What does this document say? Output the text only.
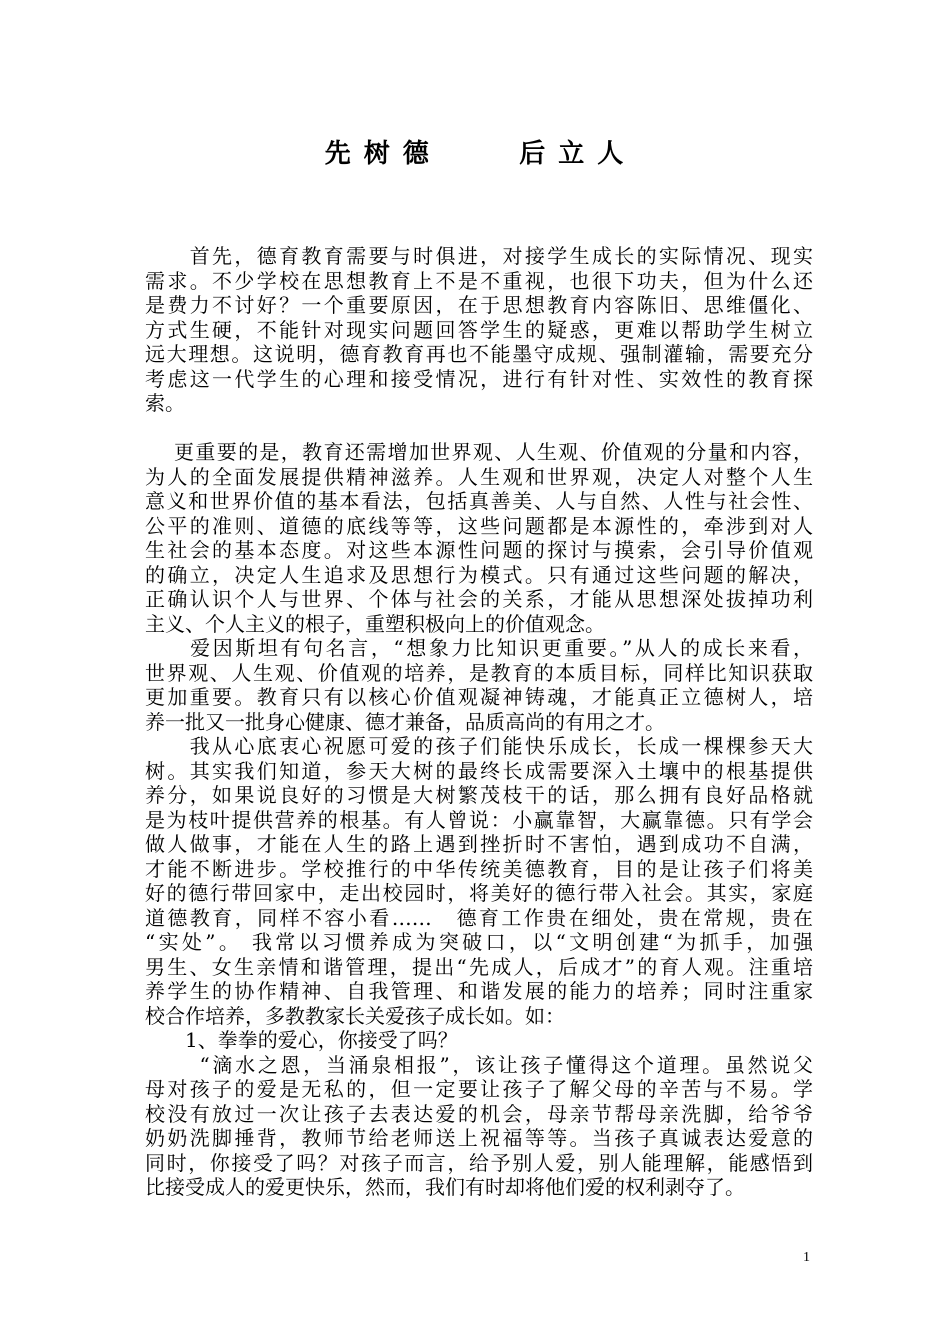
先 树 德        后 立 人
　　首先，德育教育需要与时俱进，对接学生成长的实际情况、现实
需求。不少学校在思想教育上不是不重视，也很下功夫，但为什么还
是费力不讨好？一个重要原因，在于思想教育内容陈旧、思维僵化、
方式生硬，不能针对现实问题回答学生的疑惑，更难以帮助学生树立
远大理想。这说明，德育教育再也不能墨守成规、强制灌输，需要充分
考虑这一代学生的心理和接受情况，进行有针对性、实效性的教育探
索。
　 更重要的是，教育还需增加世界观、人生观、价值观的分量和内容，
为人的全面发展提供精神滋养。人生观和世界观，决定人对整个人生
意义和世界价值的基本看法，包括真善美、人与自然、人性与社会性、
公平的准则、道德的底线等等，这些问题都是本源性的，牵涉到对人
生社会的基本态度。对这些本源性问题的探讨与摸索，会引导价值观
的确立，决定人生追求及思想行为模式。只有通过这些问题的解决，
正确认识个人与世界、个体与社会的关系，才能从思想深处拔掉功利
主义、个人主义的根子，重塑积极向上的价值观念。
　　爱因斯坦有句名言，“想象力比知识更重要。”从人的成长来看，
世界观、人生观、价值观的培养，是教育的本质目标，同样比知识获取
更加重要。教育只有以核心价值观凝神铸魂，才能真正立德树人，培
养一批又一批身心健康、德才兼备，品质高尚的有用之才。
　　我从心底衷心祝愿可爱的孩子们能快乐成长，长成一棵棵参天大
树。其实我们知道，参天大树的最终长成需要深入土壤中的根基提供
养分，如果说良好的习惯是大树繁茂枝干的话，那么拥有良好品格就
是为枝叶提供营养的根基。有人曾说：小赢靠智，大赢靠德。只有学会
做人做事，才能在人生的路上遇到挫折时不害怕，遇到成功不自满，
才能不断进步。学校推行的中华传统美德教育，目的是让孩子们将美
好的德行带回家中，走出校园时，将美好的德行带入社会。其实，家庭
道德教育，同样不容小看……　德育工作贵在细处，贵在常规，贵在
“实处”。 我常以习惯养成为突破口，以“文明创建“为抓手，加强
男生、女生亲情和谐管理，提出“先成人，后成才”的育人观。注重培
养学生的协作精神、自我管理、和谐发展的能力的培养；同时注重家
校合作培养，多教教家长关爱孩子成长如。如：
　　1、拳拳的爱心，你接受了吗？
　　 “滴水之恩，当涌泉相报”，该让孩子懂得这个道理。虽然说父
母对孩子的爱是无私的，但一定要让孩子了解父母的辛苦与不易。学
校没有放过一次让孩子去表达爱的机会，母亲节帮母亲洗脚，给爷爷
奶奶洗脚捶背，教师节给老师送上祝福等等。当孩子真诚表达爱意的
同时，你接受了吗？对孩子而言，给予别人爱，别人能理解，能感悟到
比接受成人的爱更快乐，然而，我们有时却将他们爱的权利剥夺了。
1
